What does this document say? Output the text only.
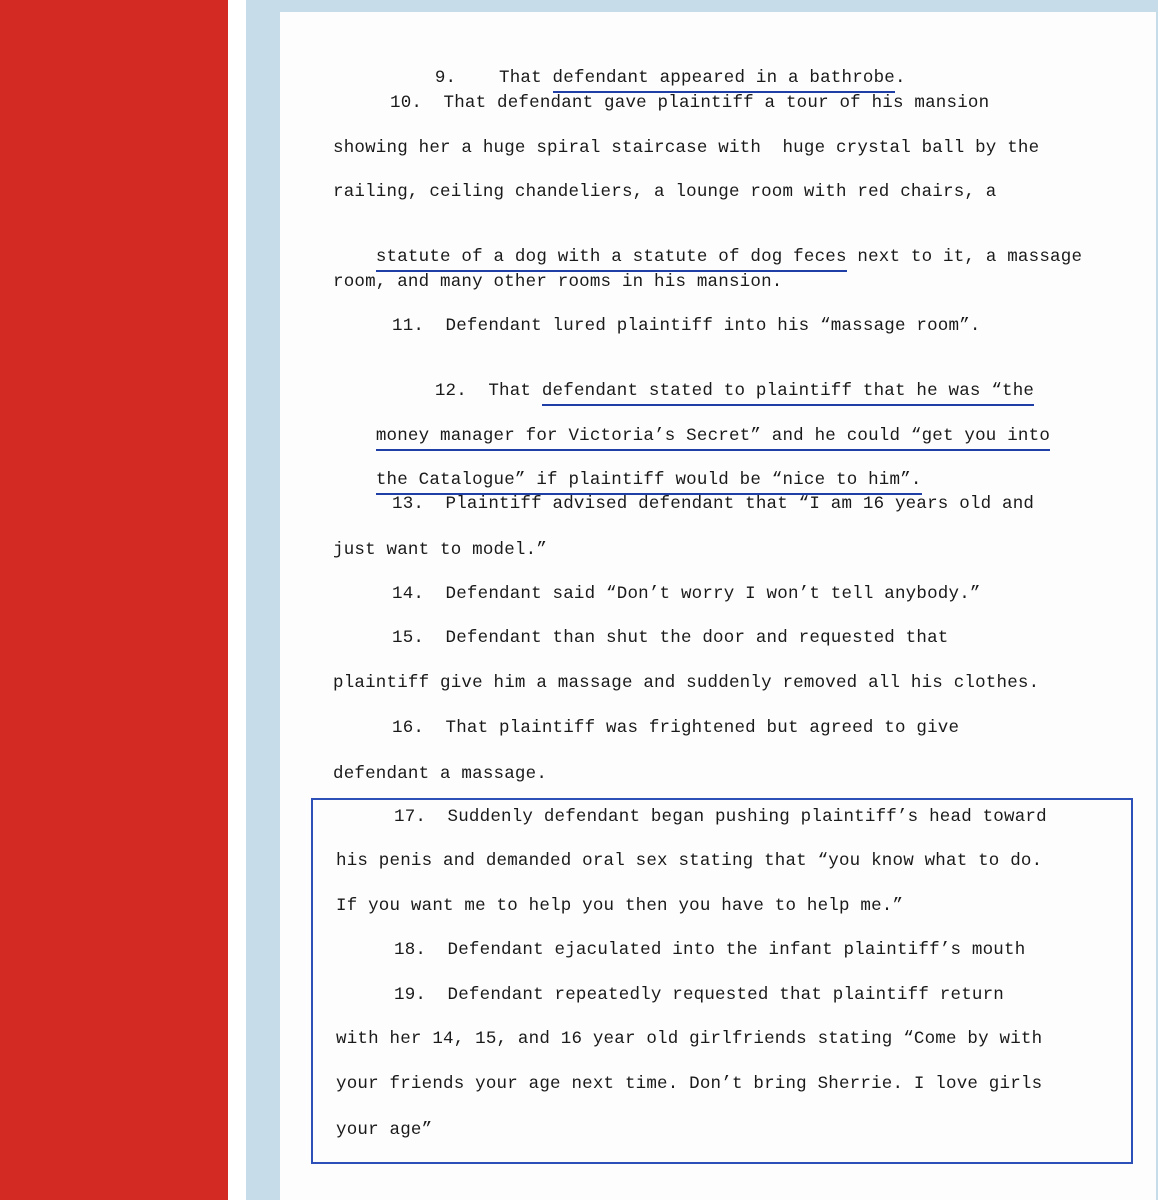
9. That defendant appeared in a bathrobe.

10.  That defendant gave plaintiff a tour of his mansion
showing her a huge spiral staircase with  huge crystal ball by the
railing, ceiling chandeliers, a lounge room with red chairs, a

statute of a dog with a statute of dog feces next to it, a massage

room, and many other rooms in his mansion.
11.  Defendant lured plaintiff into his “massage room”.

12.  That defendant stated to plaintiff that he was “the

money manager for Victoria’s Secret” and he could “get you into

the Catalogue” if plaintiff would be “nice to him”.

13.  Plaintiff advised defendant that “I am 16 years old and
just want to model.”
14.  Defendant said “Don’t worry I won’t tell anybody.”
15.  Defendant than shut the door and requested that
plaintiff give him a massage and suddenly removed all his clothes.
16.  That plaintiff was frightened but agreed to give
defendant a massage.
17.  Suddenly defendant began pushing plaintiff’s head toward
his penis and demanded oral sex stating that “you know what to do.
If you want me to help you then you have to help me.”
18.  Defendant ejaculated into the infant plaintiff’s mouth
19.  Defendant repeatedly requested that plaintiff return
with her 14, 15, and 16 year old girlfriends stating “Come by with
your friends your age next time. Don’t bring Sherrie. I love girls
your age”
